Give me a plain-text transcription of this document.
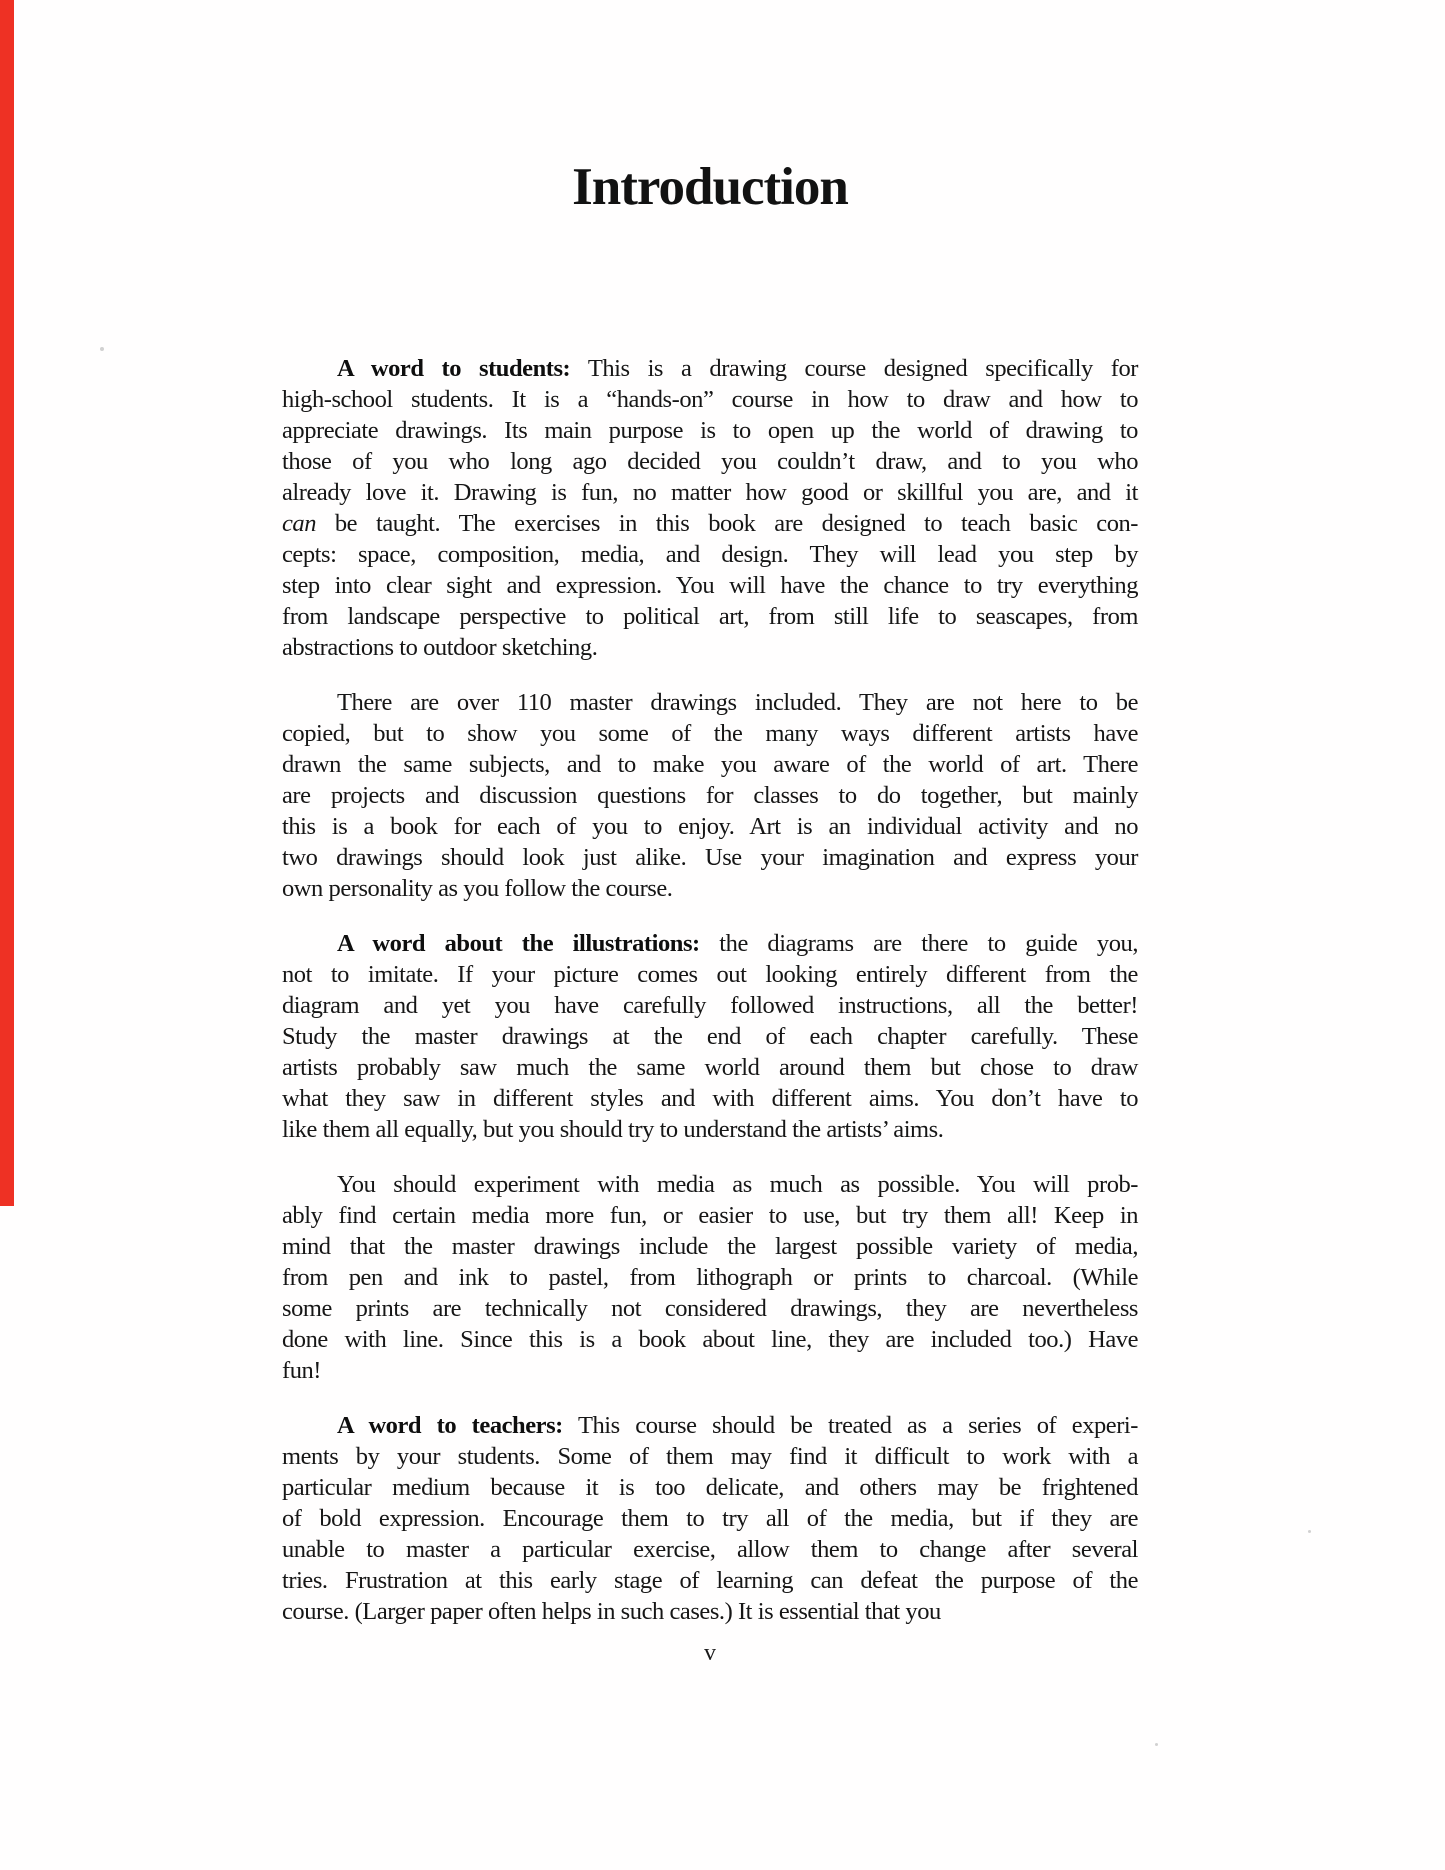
Introduction
A word to students: This is a drawing course designed specifically for
high-school students. It is a “hands-on” course in how to draw and how to
appreciate drawings. Its main purpose is to open up the world of drawing to
those of you who long ago decided you couldn’t draw, and to you who
already love it. Drawing is fun, no matter how good or skillful you are, and it
can be taught. The exercises in this book are designed to teach basic con-
cepts: space, composition, media, and design. They will lead you step by
step into clear sight and expression. You will have the chance to try everything
from landscape perspective to political art, from still life to seascapes, from
abstractions to outdoor sketching.
There are over 110 master drawings included. They are not here to be
copied, but to show you some of the many ways different artists have
drawn the same subjects, and to make you aware of the world of art. There
are projects and discussion questions for classes to do together, but mainly
this is a book for each of you to enjoy. Art is an individual activity and no
two drawings should look just alike. Use your imagination and express your
own personality as you follow the course.
A word about the illustrations: the diagrams are there to guide you,
not to imitate. If your picture comes out looking entirely different from the
diagram and yet you have carefully followed instructions, all the better!
Study the master drawings at the end of each chapter carefully. These
artists probably saw much the same world around them but chose to draw
what they saw in different styles and with different aims. You don’t have to
like them all equally, but you should try to understand the artists’ aims.
You should experiment with media as much as possible. You will prob-
ably find certain media more fun, or easier to use, but try them all! Keep in
mind that the master drawings include the largest possible variety of media,
from pen and ink to pastel, from lithograph or prints to charcoal. (While
some prints are technically not considered drawings, they are nevertheless
done with line. Since this is a book about line, they are included too.) Have
fun!
A word to teachers: This course should be treated as a series of experi-
ments by your students. Some of them may find it difficult to work with a
particular medium because it is too delicate, and others may be frightened
of bold expression. Encourage them to try all of the media, but if they are
unable to master a particular exercise, allow them to change after several
tries. Frustration at this early stage of learning can defeat the purpose of the
course. (Larger paper often helps in such cases.) It is essential that you
v
